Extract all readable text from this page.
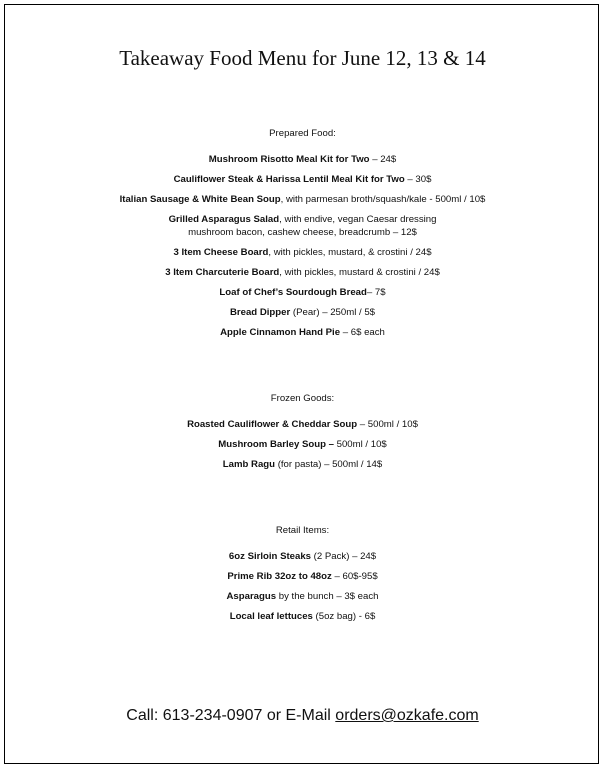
Takeaway Food Menu for June 12, 13 & 14
Prepared Food:
Mushroom Risotto Meal Kit for Two – 24$
Cauliflower Steak & Harissa Lentil Meal Kit for Two – 30$
Italian Sausage & White Bean Soup, with parmesan broth/squash/kale - 500ml / 10$
Grilled Asparagus Salad, with endive, vegan Caesar dressing
mushroom bacon, cashew cheese, breadcrumb – 12$
3 Item Cheese Board, with pickles, mustard, & crostini / 24$
3 Item Charcuterie Board, with pickles, mustard & crostini / 24$
Loaf of Chef’s Sourdough Bread– 7$
Bread Dipper (Pear) – 250ml / 5$
Apple Cinnamon Hand Pie – 6$ each
Frozen Goods:
Roasted Cauliflower & Cheddar Soup – 500ml / 10$
Mushroom Barley Soup – 500ml / 10$
Lamb Ragu (for pasta) – 500ml / 14$
Retail Items:
6oz Sirloin Steaks (2 Pack) – 24$
Prime Rib 32oz to 48oz – 60$-95$
Asparagus by the bunch – 3$ each
Local leaf lettuces (5oz bag) - 6$
Call: 613-234-0907 or E-Mail orders@ozkafe.com
